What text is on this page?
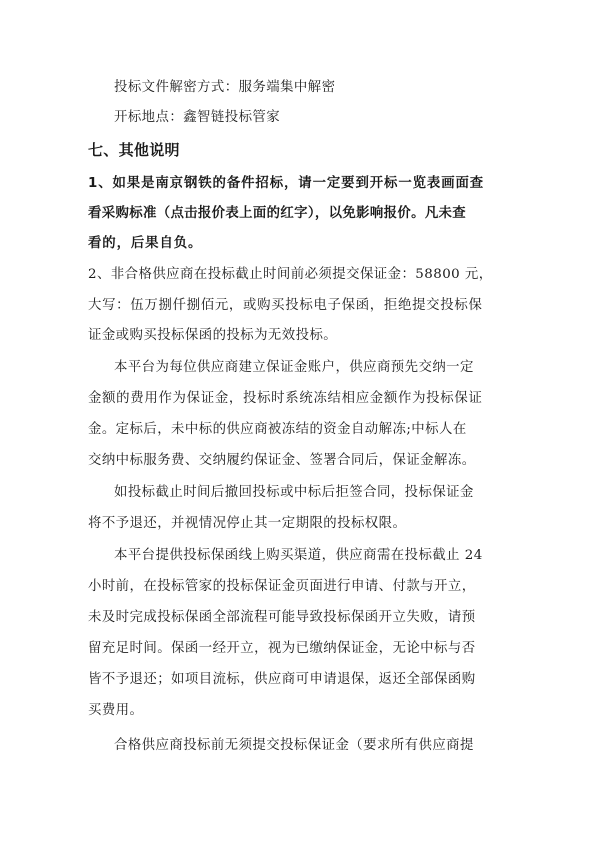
投标文件解密方式：服务端集中解密
开标地点：鑫智链投标管家
七、其他说明
1、如果是南京钢铁的备件招标，请一定要到开标一览表画面查
看采购标准（点击报价表上面的红字），以免影响报价。凡未查
看的，后果自负。
2、非合格供应商在投标截止时间前必须提交保证金：58800 元，
大写：伍万捌仟捌佰元，或购买投标电子保函，拒绝提交投标保
证金或购买投标保函的投标为无效投标。
本平台为每位供应商建立保证金账户，供应商预先交纳一定
金额的费用作为保证金，投标时系统冻结相应金额作为投标保证
金。定标后，未中标的供应商被冻结的资金自动解冻;中标人在
交纳中标服务费、交纳履约保证金、签署合同后，保证金解冻。
如投标截止时间后撤回投标或中标后拒签合同，投标保证金
将不予退还，并视情况停止其一定期限的投标权限。
本平台提供投标保函线上购买渠道，供应商需在投标截止 24
小时前，在投标管家的投标保证金页面进行申请、付款与开立，
未及时完成投标保函全部流程可能导致投标保函开立失败，请预
留充足时间。保函一经开立，视为已缴纳保证金，无论中标与否
皆不予退还；如项目流标，供应商可申请退保，返还全部保函购
买费用。
合格供应商投标前无须提交投标保证金（要求所有供应商提
